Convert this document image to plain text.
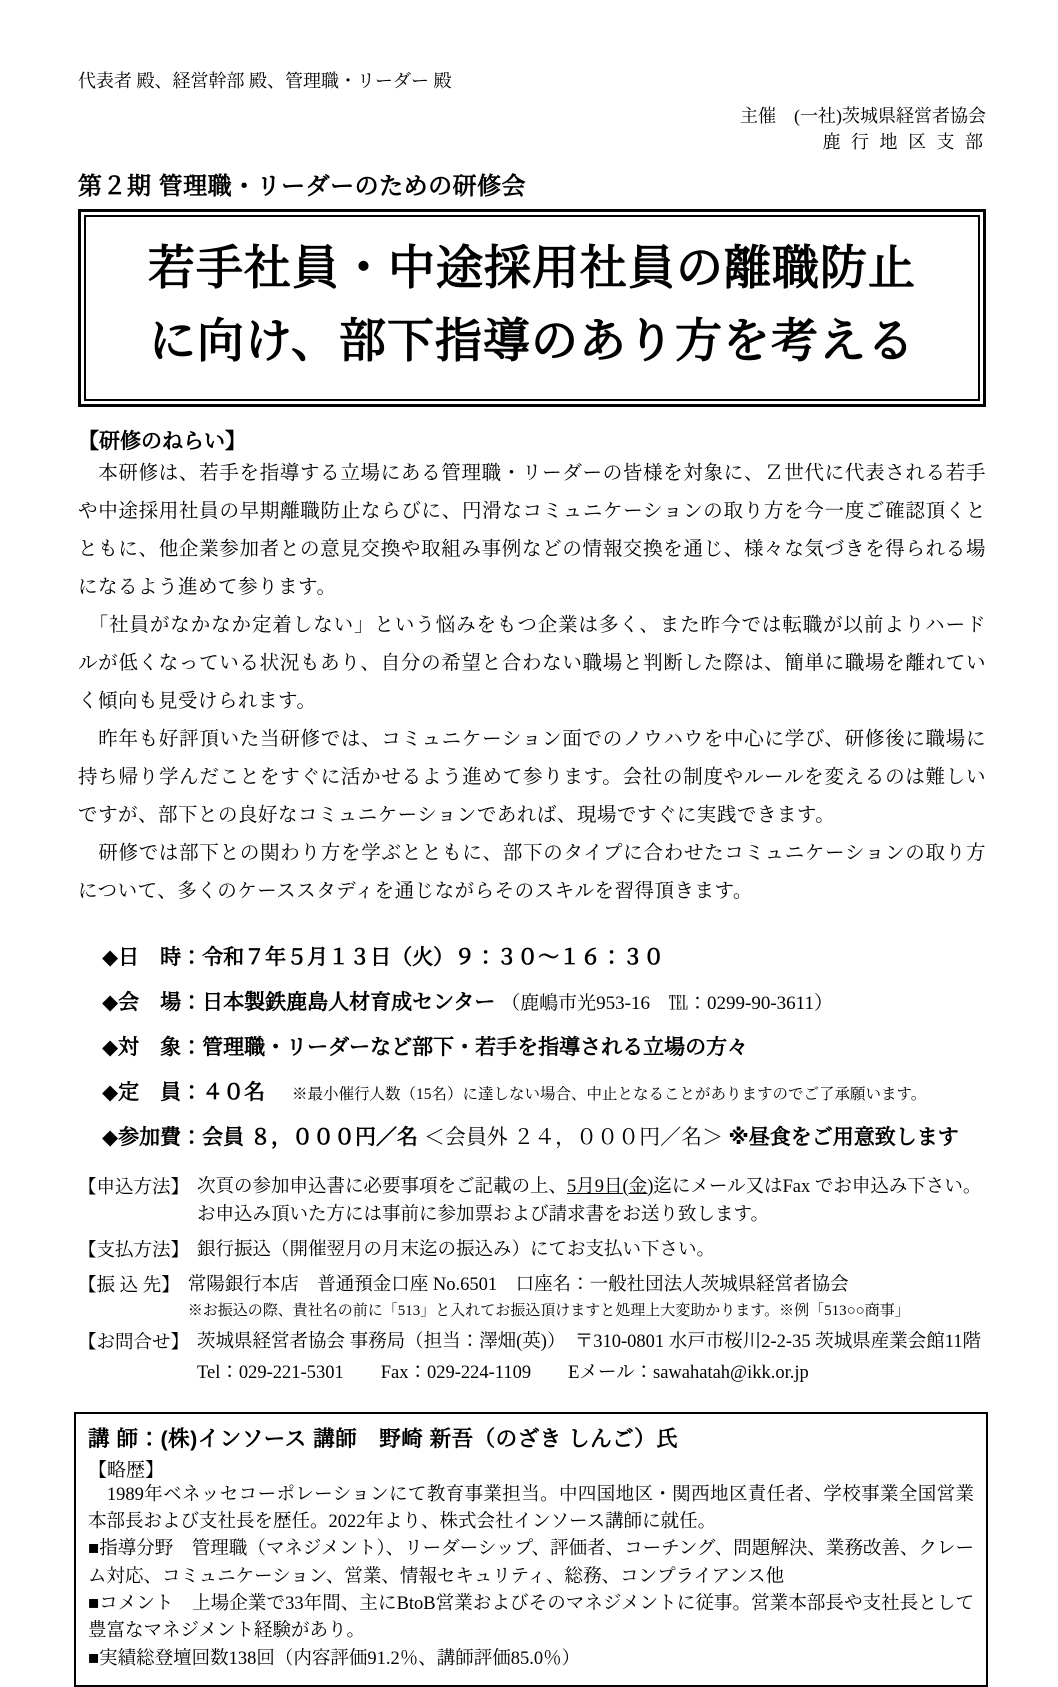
代表者 殿、経営幹部 殿、管理職・リーダー 殿
主催　(一社)茨城県経営者協会
鹿 行 地 区 支 部
第２期 管理職・リーダーのための研修会
若手社員・中途採用社員の離職防止
に向け、部下指導のあり方を考える
【研修のねらい】

　本研修は、若手を指導する立場にある管理職・リーダーの皆様を対象に、Ｚ世代に代表される若手や中途採用社員の早期離職防止ならびに、円滑なコミュニケーションの取り方を今一度ご確認頂くとともに、他企業参加者との意見交換や取組み事例などの情報交換を通じ、様々な気づきを得られる場になるよう進めて参ります。

　「社員がなかなか定着しない」という悩みをもつ企業は多く、また昨今では転職が以前よりハードルが低くなっている状況もあり、自分の希望と合わない職場と判断した際は、簡単に職場を離れていく傾向も見受けられます。

　昨年も好評頂いた当研修では、コミュニケーション面でのノウハウを中心に学び、研修後に職場に持ち帰り学んだことをすぐに活かせるよう進めて参ります。会社の制度やルールを変えるのは難しいですが、部下との良好なコミュニケーションであれば、現場ですぐに実践できます。

　研修では部下との関わり方を学ぶとともに、部下のタイプに合わせたコミュニケーションの取り方について、多くのケーススタディを通じながらそのスキルを習得頂きます。

◆日　時：令和７年５月１３日（火）９：３０～１６：３０
◆会　場：日本製鉄鹿島人材育成センター （鹿嶋市光953-16　℡：0299-90-3611）
◆対　象：管理職・リーダーなど部下・若手を指導される立場の方々
◆定　員：４０名　 ※最小催行人数（15名）に達しない場合、中止となることがありますのでご了承願います。
◆参加費：会員 ８，０００円／名 ＜会員外 ２４，０００円／名＞ ※昼食をご用意致します
【申込方法】 次頁の参加申込書に必要事項をご記載の上、5月9日(金)迄にメール又はFax でお申込み下さい。
お申込み頂いた方には事前に参加票および請求書をお送り致します。
【支払方法】 銀行振込（開催翌月の月末迄の振込み）にてお支払い下さい。
【振 込 先】 常陽銀行本店　普通預金口座 No.6501　口座名：一般社団法人茨城県経営者協会
※お振込の際、貴社名の前に「513」と入れてお振込頂けますと処理上大変助かります。※例「513○○商事」
【お問合せ】 茨城県経営者協会 事務局（担当：澤畑(英)）　〒310-0801 水戸市桜川2-2-35 茨城県産業会館11階
Tel：029-221-5301　　Fax：029-224-1109　　Eメール：sawahatah@ikk.or.jp
講 師：(株)インソース 講師　野崎 新吾（のざき しんご）氏
【略歴】

　1989年ベネッセコーポレーションにて教育事業担当。中四国地区・関西地区責任者、学校事業全国営業本部長および支社長を歴任。2022年より、株式会社インソース講師に就任。

■指導分野　管理職（マネジメント）、リーダーシップ、評価者、コーチング、問題解決、業務改善、クレーム対応、コミュニケーション、営業、情報セキュリティ、総務、コンプライアンス他

■コメント　上場企業で33年間、主にBtoB営業およびそのマネジメントに従事。営業本部長や支社長として豊富なマネジメント経験があり。

■実績総登壇回数138回（内容評価91.2％、講師評価85.0％）
